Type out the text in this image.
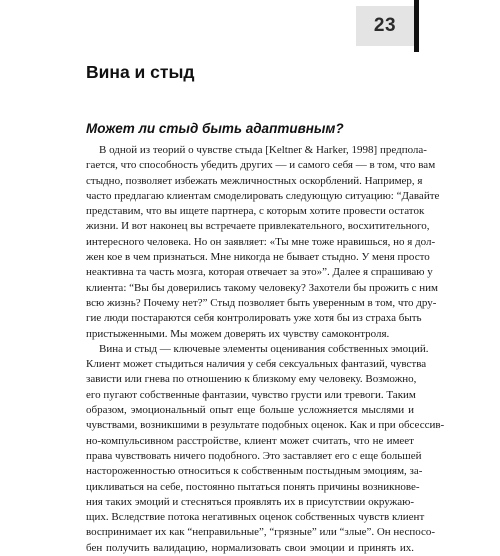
23
Вина и стыд
Может ли стыд быть адаптивным?
В одной из теорий о чувстве стыда [Keltner & Harker, 1998] предпола-
гается, что способность убедить других — и самого себя — в том, что вам
стыдно, позволяет избежать межличностных оскорблений. Например, я
часто предлагаю клиентам смоделировать следующую ситуацию: “Давайте
представим, что вы ищете партнера, с которым хотите провести остаток
жизни. И вот наконец вы встречаете привлекательного, восхитительного,
интересного человека. Но он заявляет: «Ты мне тоже нравишься, но я дол-
жен кое в чем признаться. Мне никогда не бывает стыдно. У меня просто
неактивна та часть мозга, которая отвечает за это»”. Далее я спрашиваю у
клиента: “Вы бы доверились такому человеку? Захотели бы прожить с ним
всю жизнь? Почему нет?” Стыд позволяет быть уверенным в том, что дру-
гие люди постараются себя контролировать уже хотя бы из страха быть
пристыженными. Мы можем доверять их чувству самоконтроля.
Вина и стыд — ключевые элементы оценивания собственных эмоций.
Клиент может стыдиться наличия у себя сексуальных фантазий, чувства
зависти или гнева по отношению к близкому ему человеку. Возможно,
его пугают собственные фантазии, чувство грусти или тревоги. Таким
образом, эмоциональный опыт еще больше усложняется мыслями и
чувствами, возникшими в результате подобных оценок. Как и при обсессив-
но-компульсивном расстройстве, клиент может считать, что не имеет
права чувствовать ничего подобного. Это заставляет его с еще большей
настороженностью относиться к собственным постыдным эмоциям, за-
цикливаться на себе, постоянно пытаться понять причины возникнове-
ния таких эмоций и стесняться проявлять их в присутствии окружаю-
щих. Вследствие потока негативных оценок собственных чувств клиент
воспринимает их как “неправильные”, “грязные” или “злые”. Он неспосо-
бен получить валидацию, нормализовать свои эмоции и принять их.
